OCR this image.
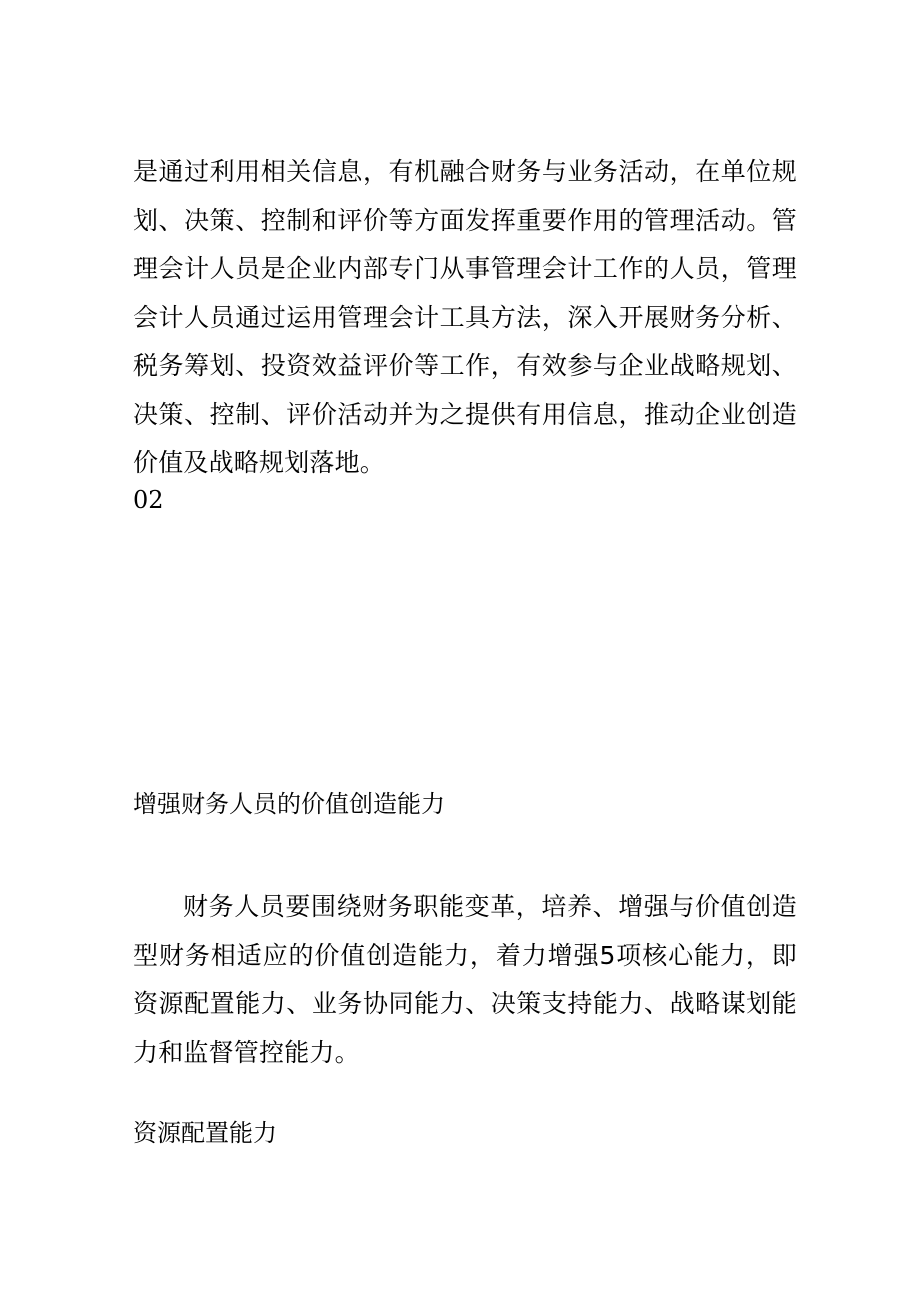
是通过利用相关信息，有机融合财务与业务活动，在单位规划、决策、控制和评价等方面发挥重要作用的管理活动。管理会计人员是企业内部专门从事管理会计工作的人员，管理会计人员通过运用管理会计工具方法，深入开展财务分析、税务筹划、投资效益评价等工作，有效参与企业战略规划、决策、控制、评价活动并为之提供有用信息，推动企业创造价值及战略规划落地。

02

增强财务人员的价值创造能力

财务人员要围绕财务职能变革，培养、增强与价值创造型财务相适应的价值创造能力，着力增强5项核心能力，即资源配置能力、业务协同能力、决策支持能力、战略谋划能力和监督管控能力。

资源配置能力
